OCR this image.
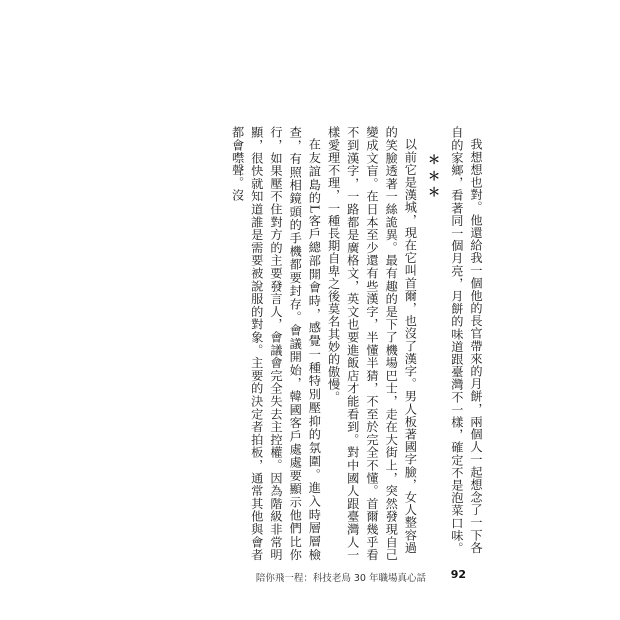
我想想也對。他還給我一個他的長官帶來的月餅，兩個人一起想念了一下各

自的家鄉，看著同一個月亮，月餅的味道跟臺灣不一樣，確定不是泡菜口味。

＊＊＊

以前它是漢城，現在它叫首爾，也沒了漢字。男人板著國字臉，女人整容過

的笑臉透著一絲詭異。最有趣的是下了機場巴士，走在大街上，突然發現自己變成文盲。在日本至少還有些漢字，半懂半猜，不至於完全不懂。首爾幾乎看不到漢字，一路都是廣格文，英文也要進飯店才能看到。對中國人跟臺灣人一樣愛理不理，一種長期自卑之後莫名其妙的傲慢。

在友誼島的L客戶總部開會時，感覺一種特別壓抑的氛圍。進入時層層檢查，有照相鏡頭的手機都要封存。會議開始，韓國客戶處處要顯示他們比你行，如果壓不住對方的主要發言人，會議會完全失去主控權。因為階級非常明顯，很快就知道誰是需要被說服的對象。主要的決定者拍板，通常其他與會者都會噤聲。沒

陪你飛一程：科技老鳥 30 年職場真心話 92
